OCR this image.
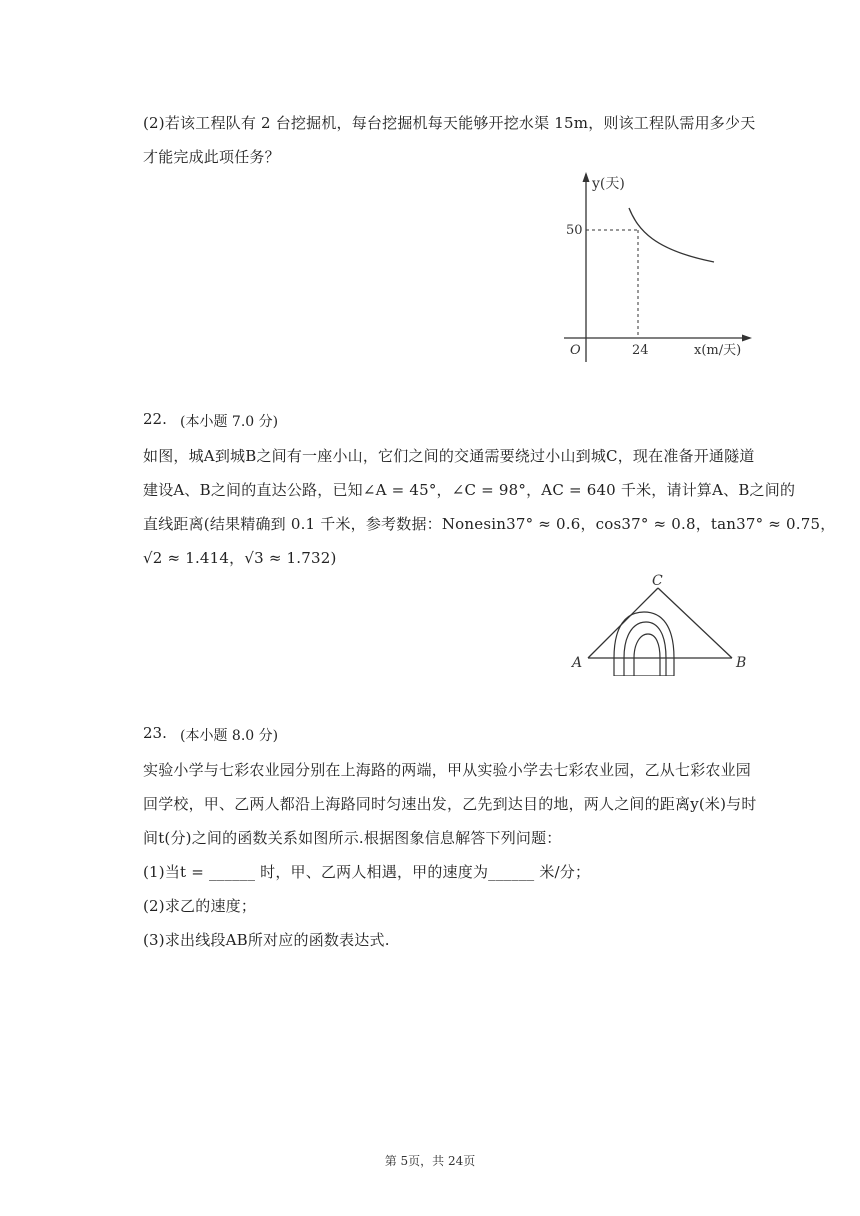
(2)若该工程队有 2 台挖掘机，每台挖掘机每天能够开挖水渠 15m，则该工程队需用多少天
才能完成此项任务？
y(天)
50
O	24	x(m/天)
22. (本小题 7.0 分)
如图，城A到城B之间有一座小山，它们之间的交通需要绕过小山到城C，现在准备开通隧道
建设A、B之间的直达公路，已知∠A = 45°，∠C = 98°，AC = 640 千米，请计算A、B之间的
直线距离(结果精确到 0.1 千米，参考数据：Nonesin37° ≈ 0.6，cos37° ≈ 0.8，tan37° ≈ 0.75，
√2 ≈ 1.414，√3 ≈ 1.732)
A	B
C
23. (本小题 8.0 分)
实验小学与七彩农业园分别在上海路的两端，甲从实验小学去七彩农业园，乙从七彩农业园
回学校，甲、乙两人都沿上海路同时匀速出发，乙先到达目的地，两人之间的距离y(米)与时
间t(分)之间的函数关系如图所示.根据图象信息解答下列问题：
(1)当t = ______ 时，甲、乙两人相遇，甲的速度为______ 米/分；
(2)求乙的速度；
(3)求出线段AB所对应的函数表达式.
第 5页，共 24页
